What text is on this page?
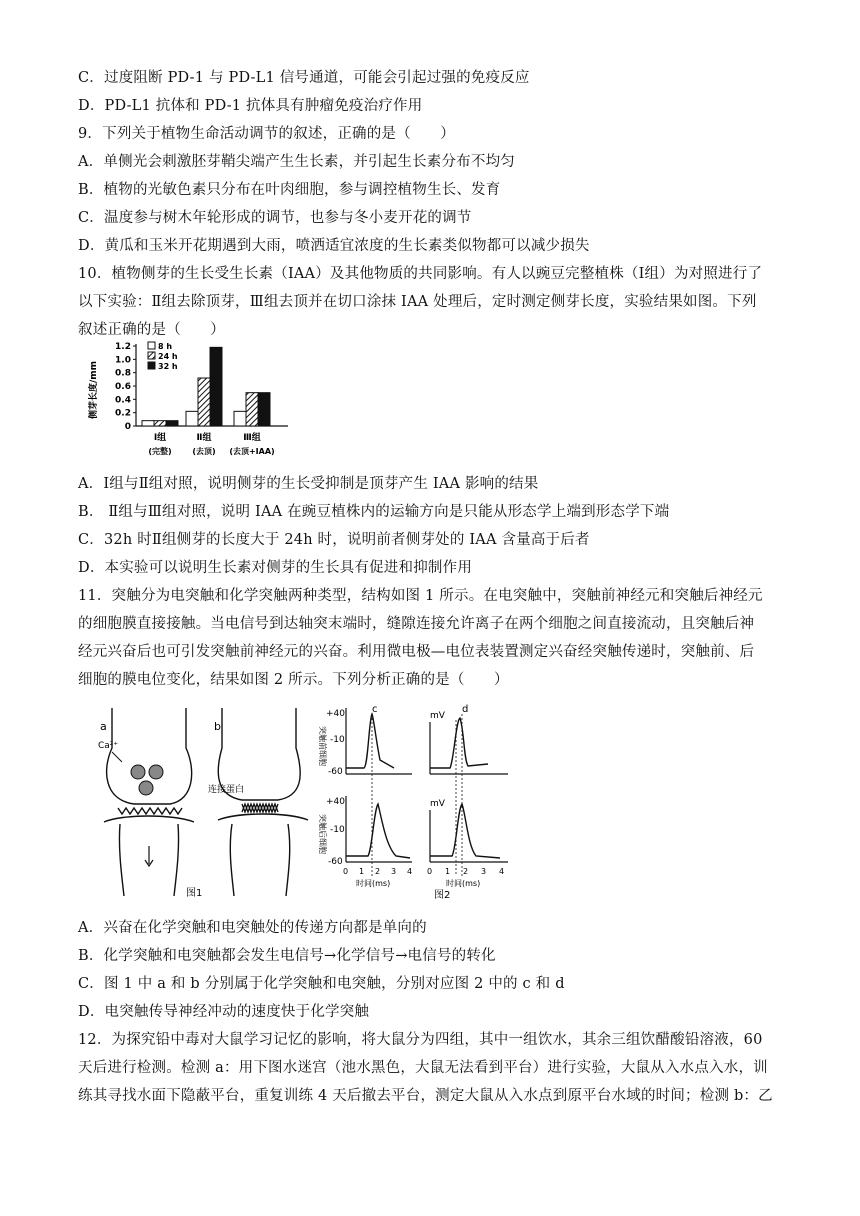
C．过度阻断 PD-1 与 PD-L1 信号通道，可能会引起过强的免疫反应
D．PD-L1 抗体和 PD-1 抗体具有肿瘤免疫治疗作用
9．下列关于植物生命活动调节的叙述，正确的是（　　）
A．单侧光会刺激胚芽鞘尖端产生生长素，并引起生长素分布不均匀
B．植物的光敏色素只分布在叶肉细胞，参与调控植物生长、发育
C．温度参与树木年轮形成的调节，也参与冬小麦开花的调节
D．黄瓜和玉米开花期遇到大雨，喷洒适宜浓度的生长素类似物都可以减少损失
10．植物侧芽的生长受生长素（IAA）及其他物质的共同影响。有人以豌豆完整植株（Ⅰ组）为对照进行了
以下实验：Ⅱ组去除顶芽，Ⅲ组去顶并在切口涂抹 IAA 处理后，定时测定侧芽长度，实验结果如图。下列
叙述正确的是（　　）
侧芽长度/mm
0
0.2
0.4
0.6
0.8
1.0
1.2
Ⅰ组
(完整)
Ⅱ组
(去顶)
Ⅲ组
(去顶+IAA)
8 h
24 h
32 h
A．Ⅰ组与Ⅱ组对照，说明侧芽的生长受抑制是顶芽产生 IAA 影响的结果
B． Ⅱ组与Ⅲ组对照，说明 IAA 在豌豆植株内的运输方向是只能从形态学上端到形态学下端
C．32h 时Ⅱ组侧芽的长度大于 24h 时，说明前者侧芽处的 IAA 含量高于后者
D．本实验可以说明生长素对侧芽的生长具有促进和抑制作用
11．突触分为电突触和化学突触两种类型，结构如图 1 所示。在电突触中，突触前神经元和突触后神经元
的细胞膜直接接触。当电信号到达轴突末端时，缝隙连接允许离子在两个细胞之间直接流动，且突触后神
经元兴奋后也可引发突触前神经元的兴奋。利用微电极—电位表装置测定兴奋经突触传递时，突触前、后
细胞的膜电位变化，结果如图 2 所示。下列分析正确的是（　　）
a	b
Ca²⁺
连接蛋白
图1
突触前细胞
突触后细胞
+40
-10
-60
c
+40
-10
-60
mV
mV
d
0 1 2 3 4 0 1 2 3 4
时间(ms)	时间(ms)
图2
A．兴奋在化学突触和电突触处的传递方向都是单向的
B．化学突触和电突触都会发生电信号→化学信号→电信号的转化
C．图 1 中 a 和 b 分别属于化学突触和电突触，分别对应图 2 中的 c 和 d
D．电突触传导神经冲动的速度快于化学突触
12．为探究铅中毒对大鼠学习记忆的影响，将大鼠分为四组，其中一组饮水，其余三组饮醋酸铅溶液，60
天后进行检测。检测 a：用下图水迷宫（池水黑色，大鼠无法看到平台）进行实验，大鼠从入水点入水，训
练其寻找水面下隐蔽平台，重复训练 4 天后撤去平台，测定大鼠从入水点到原平台水域的时间；检测 b：乙
